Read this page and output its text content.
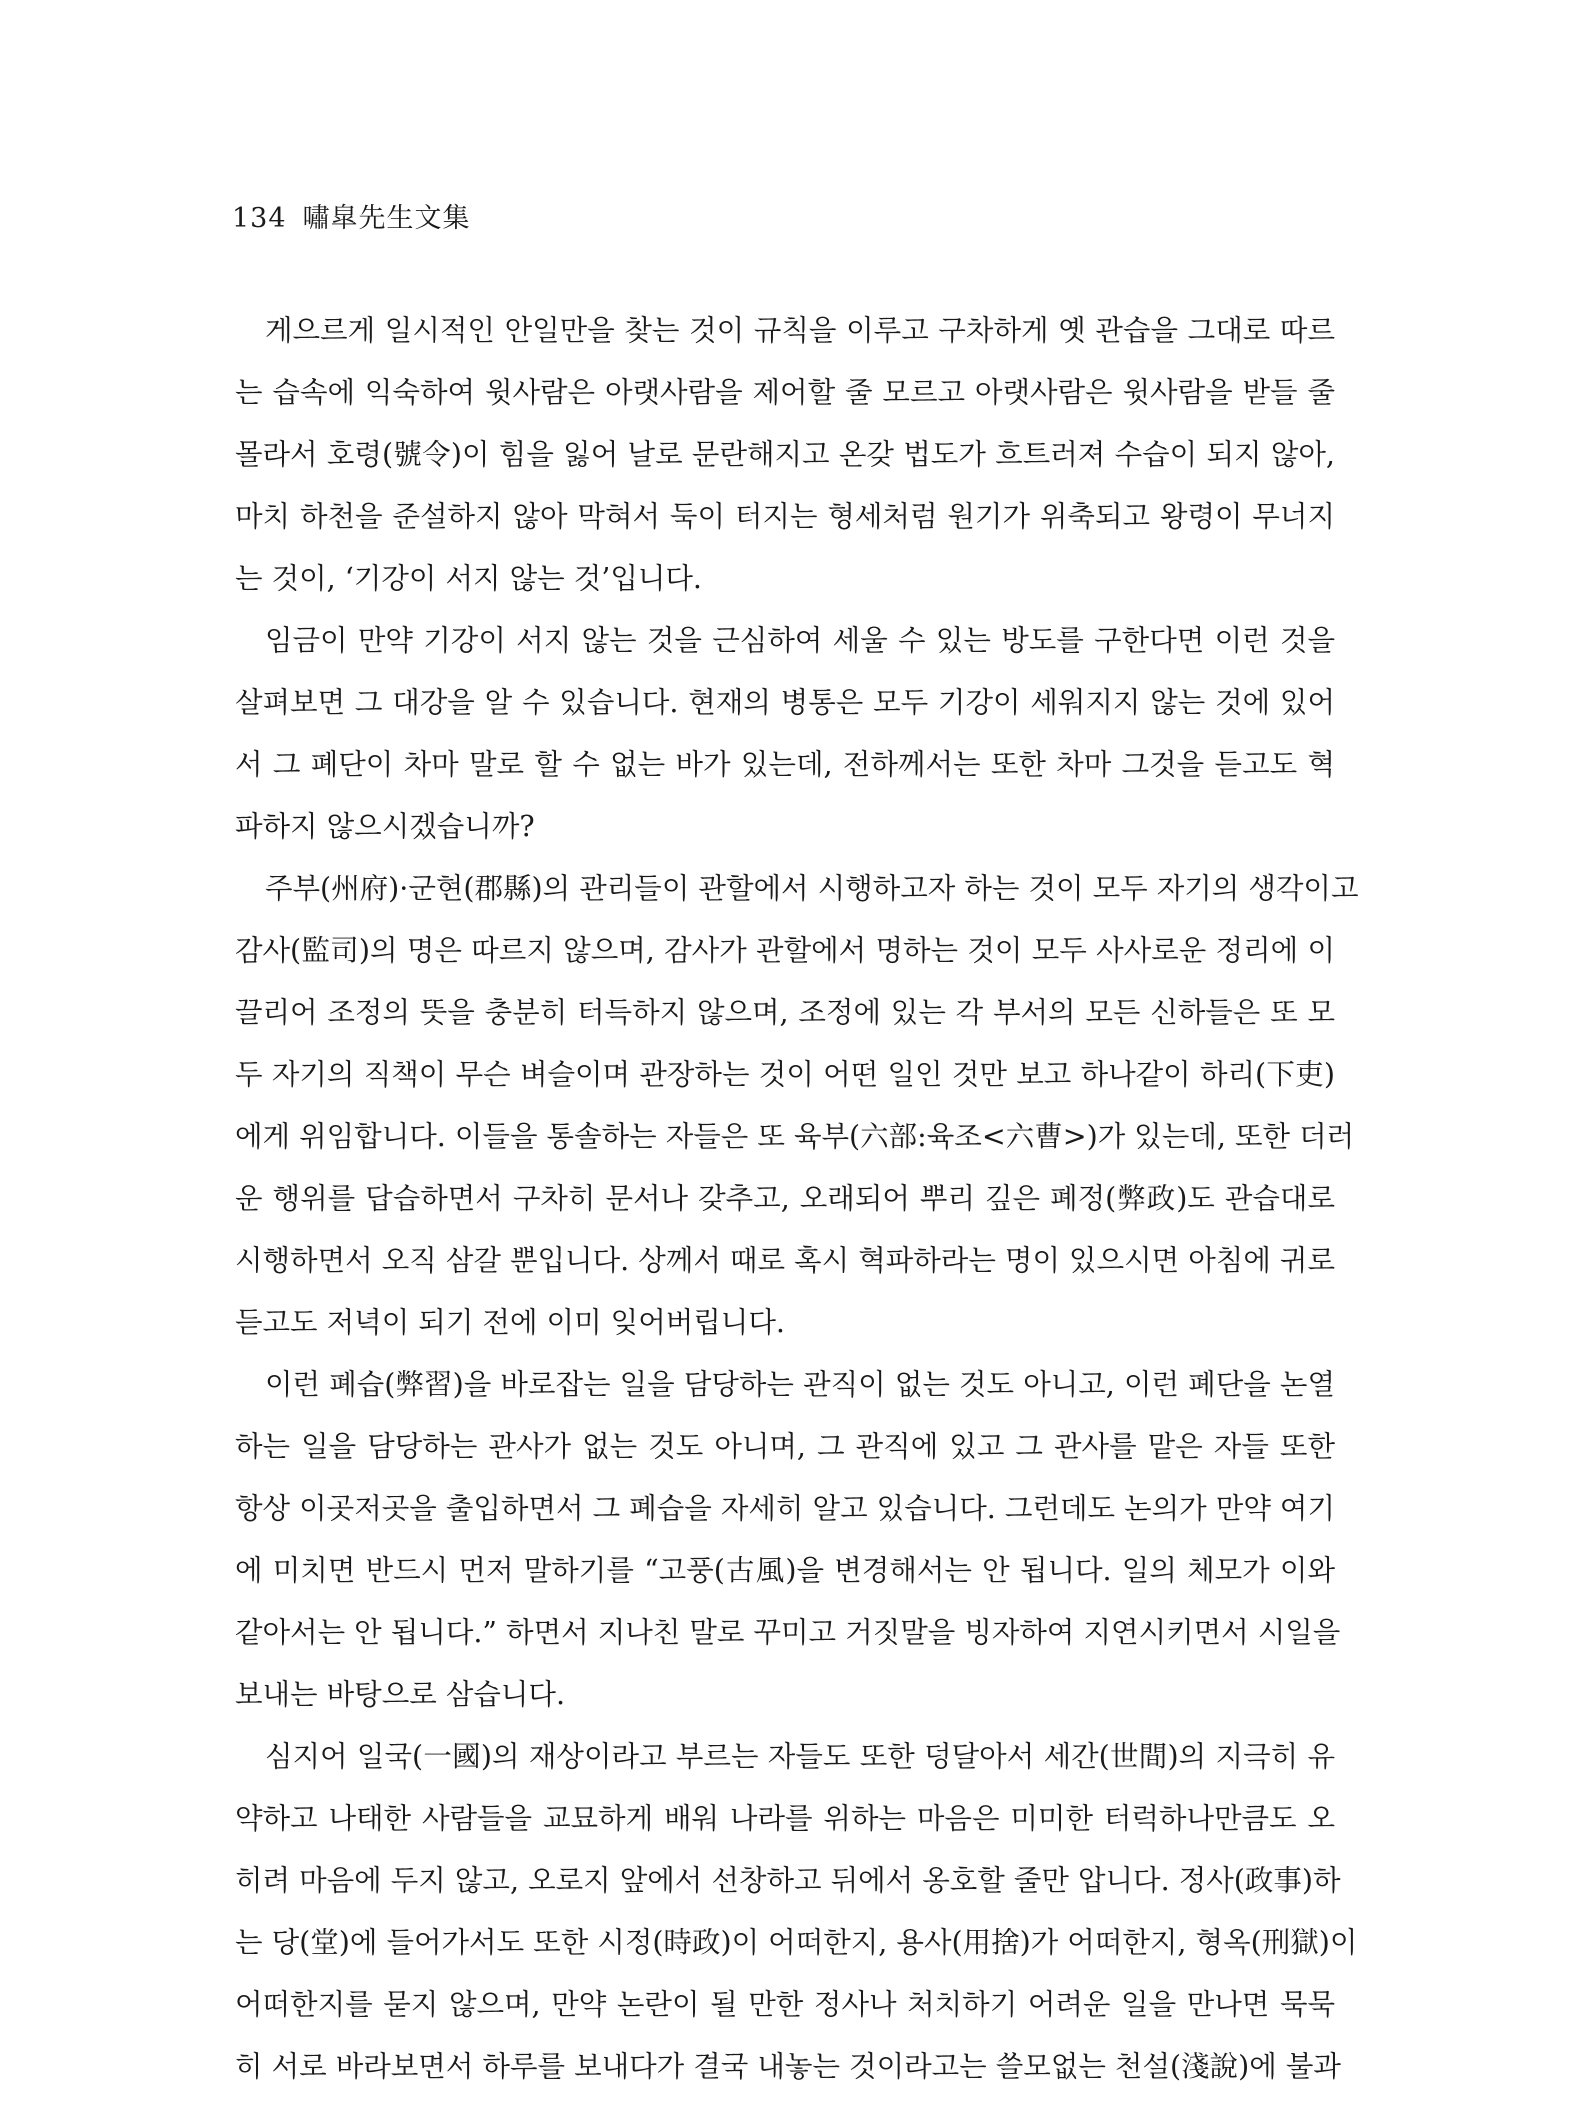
134 嘯皐先生文集
게으르게 일시적인 안일만을 찾는 것이 규칙을 이루고 구차하게 옛 관습을 그대로 따르
는 습속에 익숙하여 윗사람은 아랫사람을 제어할 줄 모르고 아랫사람은 윗사람을 받들 줄
몰라서 호령(號令)이 힘을 잃어 날로 문란해지고 온갖 법도가 흐트러져 수습이 되지 않아,
마치 하천을 준설하지 않아 막혀서 둑이 터지는 형세처럼 원기가 위축되고 왕령이 무너지
는 것이, ‘기강이 서지 않는 것’입니다.
임금이 만약 기강이 서지 않는 것을 근심하여 세울 수 있는 방도를 구한다면 이런 것을
살펴보면 그 대강을 알 수 있습니다. 현재의 병통은 모두 기강이 세워지지 않는 것에 있어
서 그 폐단이 차마 말로 할 수 없는 바가 있는데, 전하께서는 또한 차마 그것을 듣고도 혁
파하지 않으시겠습니까?
주부(州府)·군현(郡縣)의 관리들이 관할에서 시행하고자 하는 것이 모두 자기의 생각이고
감사(監司)의 명은 따르지 않으며, 감사가 관할에서 명하는 것이 모두 사사로운 정리에 이
끌리어 조정의 뜻을 충분히 터득하지 않으며, 조정에 있는 각 부서의 모든 신하들은 또 모
두 자기의 직책이 무슨 벼슬이며 관장하는 것이 어떤 일인 것만 보고 하나같이 하리(下吏)
에게 위임합니다. 이들을 통솔하는 자들은 또 육부(六部:육조<六曹>)가 있는데, 또한 더러
운 행위를 답습하면서 구차히 문서나 갖추고, 오래되어 뿌리 깊은 폐정(弊政)도 관습대로
시행하면서 오직 삼갈 뿐입니다. 상께서 때로 혹시 혁파하라는 명이 있으시면 아침에 귀로
듣고도 저녁이 되기 전에 이미 잊어버립니다.
이런 폐습(弊習)을 바로잡는 일을 담당하는 관직이 없는 것도 아니고, 이런 폐단을 논열
하는 일을 담당하는 관사가 없는 것도 아니며, 그 관직에 있고 그 관사를 맡은 자들 또한
항상 이곳저곳을 출입하면서 그 폐습을 자세히 알고 있습니다. 그런데도 논의가 만약 여기
에 미치면 반드시 먼저 말하기를 “고풍(古風)을 변경해서는 안 됩니다. 일의 체모가 이와
같아서는 안 됩니다.” 하면서 지나친 말로 꾸미고 거짓말을 빙자하여 지연시키면서 시일을
보내는 바탕으로 삼습니다.
심지어 일국(一國)의 재상이라고 부르는 자들도 또한 덩달아서 세간(世間)의 지극히 유
약하고 나태한 사람들을 교묘하게 배워 나라를 위하는 마음은 미미한 터럭하나만큼도 오
히려 마음에 두지 않고, 오로지 앞에서 선창하고 뒤에서 옹호할 줄만 압니다. 정사(政事)하
는 당(堂)에 들어가서도 또한 시정(時政)이 어떠한지, 용사(用捨)가 어떠한지, 형옥(刑獄)이
어떠한지를 묻지 않으며, 만약 논란이 될 만한 정사나 처치하기 어려운 일을 만나면 묵묵
히 서로 바라보면서 하루를 보내다가 결국 내놓는 것이라고는 쓸모없는 천설(淺說)에 불과
